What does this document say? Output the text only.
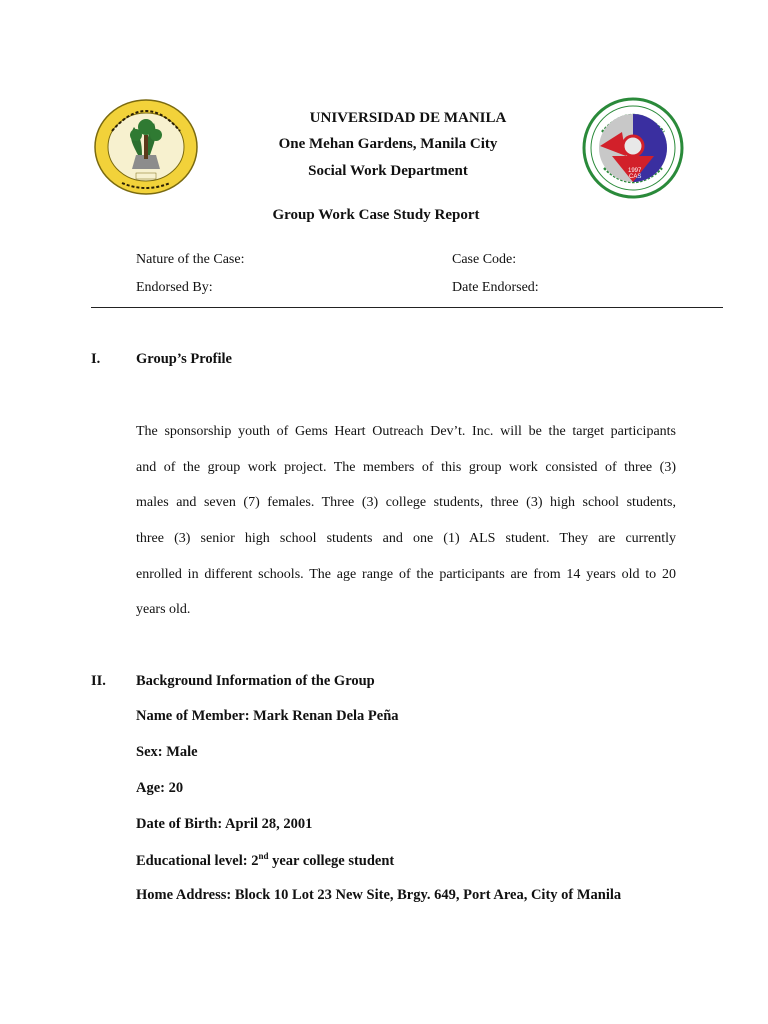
1997
CAS
UNIVERSIDAD DE MANILA
One Mehan Gardens, Manila City
Social Work Department
Group Work Case Study Report
Nature of the Case:
Endorsed By:
Case Code:
Date Endorsed:
I. Group’s Profile
The sponsorship youth of Gems Heart Outreach Dev’t. Inc. will be the target participants
and of the group work project. The members of this group work consisted of three (3)
males and seven (7) females. Three (3) college students, three (3) high school students,
three (3) senior high school students and one (1) ALS student. They are currently
enrolled in different schools. The age range of the participants are from 14 years old to 20
years old.
II. Background Information of the Group
Name of Member: Mark Renan Dela Peña
Sex: Male
Age: 20
Date of Birth: April 28, 2001
Educational level: 2nd year college student
Home Address: Block 10 Lot 23 New Site, Brgy. 649, Port Area, City of Manila
